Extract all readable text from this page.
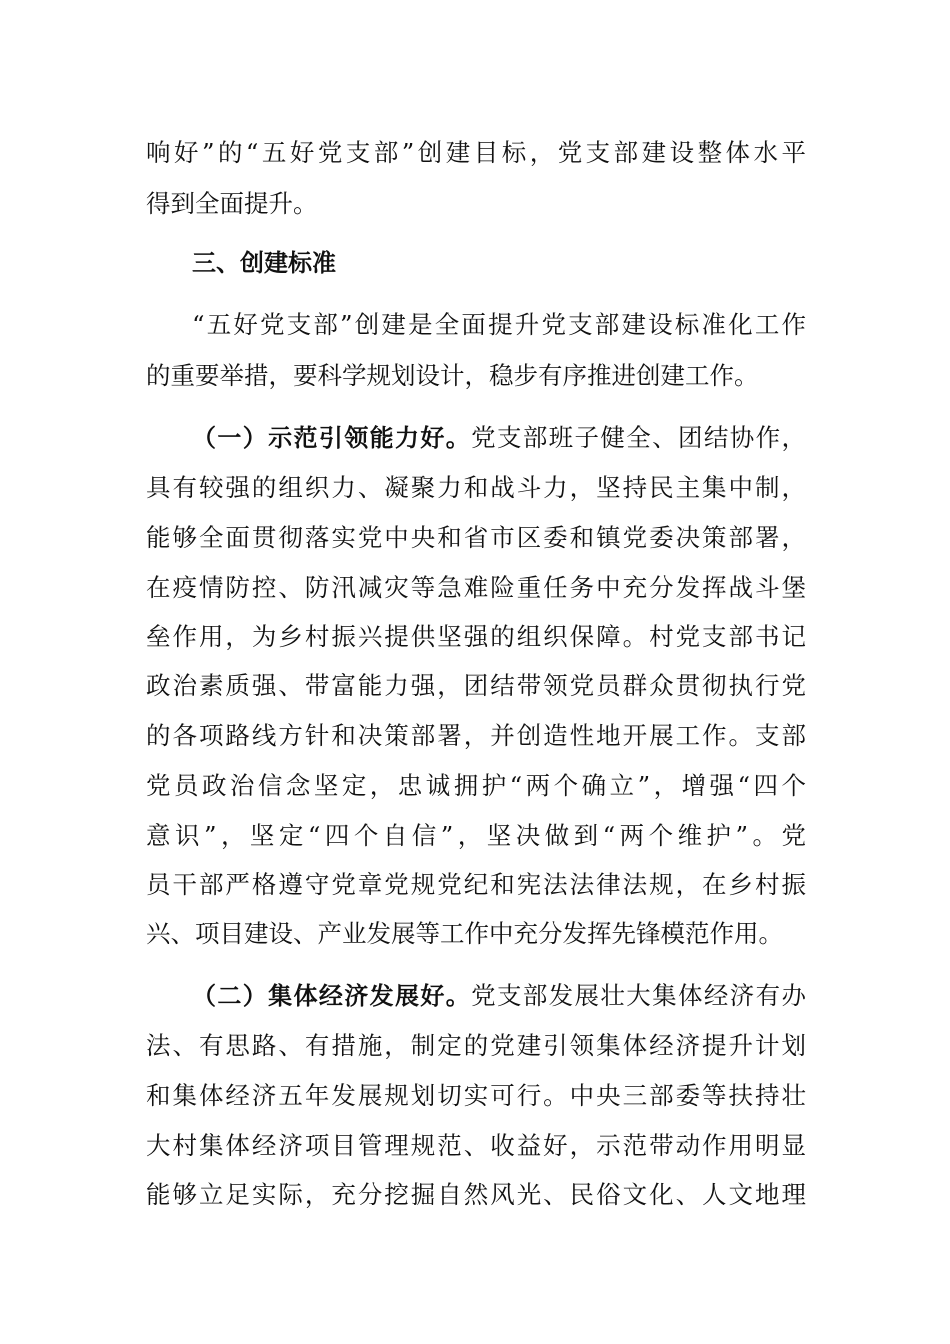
响好”的“五好党支部”创建目标，党支部建设整体水平
得到全面提升。
三、创建标准
“五好党支部”创建是全面提升党支部建设标准化工作
的重要举措，要科学规划设计，稳步有序推进创建工作。
（一）示范引领能力好。党支部班子健全、团结协作，
具有较强的组织力、凝聚力和战斗力，坚持民主集中制，
能够全面贯彻落实党中央和省市区委和镇党委决策部署，
在疫情防控、防汛减灾等急难险重任务中充分发挥战斗堡
垒作用，为乡村振兴提供坚强的组织保障。村党支部书记
政治素质强、带富能力强，团结带领党员群众贯彻执行党
的各项路线方针和决策部署，并创造性地开展工作。支部
党员政治信念坚定，忠诚拥护“两个确立”，增强“四个
意识”，坚定“四个自信”，坚决做到“两个维护”。党
员干部严格遵守党章党规党纪和宪法法律法规，在乡村振
兴、项目建设、产业发展等工作中充分发挥先锋模范作用。
（二）集体经济发展好。党支部发展壮大集体经济有办
法、有思路、有措施，制定的党建引领集体经济提升计划
和集体经济五年发展规划切实可行。中央三部委等扶持壮
大村集体经济项目管理规范、收益好，示范带动作用明显
能够立足实际，充分挖掘自然风光、民俗文化、人文地理
